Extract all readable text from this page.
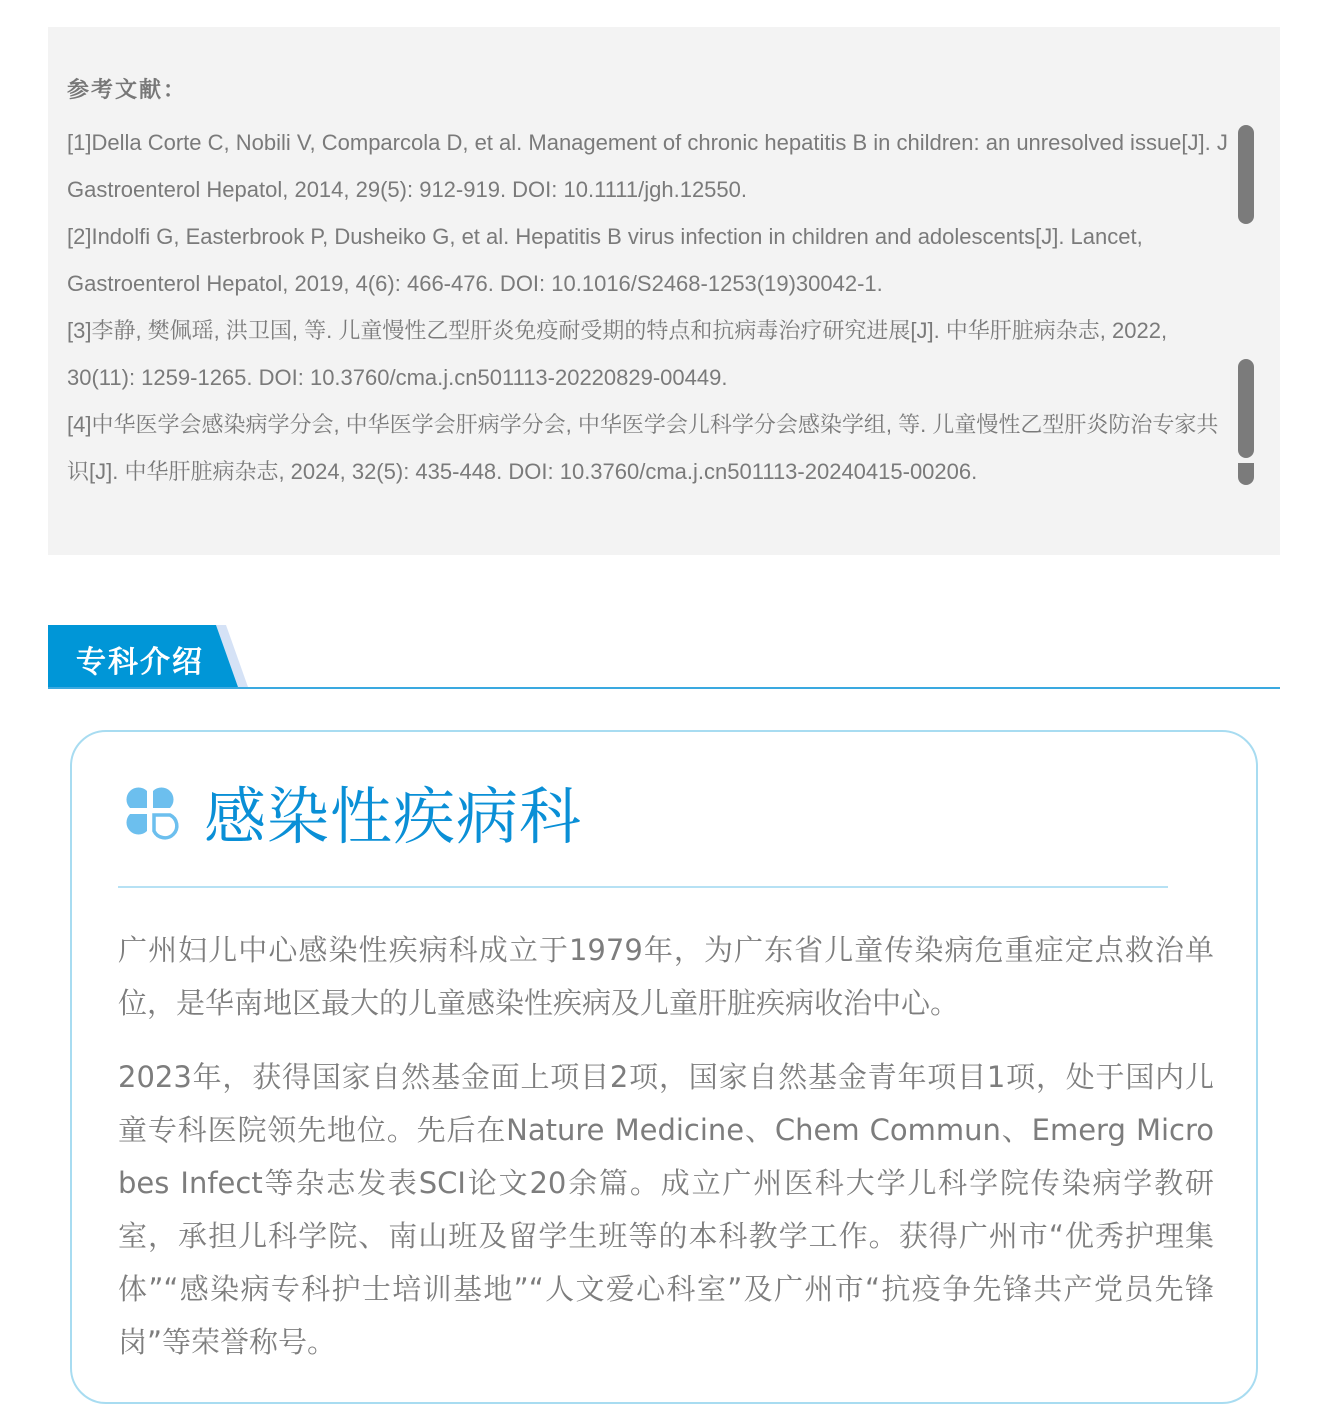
参考文献：
[1]Della Corte C, Nobili V, Comparcola D, et al. Management of chronic hepatitis B in children: an unresolved issue[J]. J Gastroenterol Hepatol, 2014, 29(5): 912-919. DOI: 10.1111/jgh.12550.
[2]Indolfi G, Easterbrook P, Dusheiko G, et al. Hepatitis B virus infection in children and adolescents[J]. Lancet, Gastroenterol Hepatol, 2019, 4(6): 466-476. DOI: 10.1016/S2468-1253(19)30042-1.
[3]李静, 樊佩瑶, 洪卫国, 等. 儿童慢性乙型肝炎免疫耐受期的特点和抗病毒治疗研究进展[J]. 中华肝脏病杂志, 2022, 30(11): 1259-1265. DOI: 10.3760/cma.j.cn501113-20220829-00449.
[4]中华医学会感染病学分会, 中华医学会肝病学分会, 中华医学会儿科学分会感染学组, 等. 儿童慢性乙型肝炎防治专家共识[J]. 中华肝脏病杂志, 2024, 32(5): 435-448. DOI: 10.3760/cma.j.cn501113-20240415-00206.
专科介绍
感染性疾病科

广州妇儿中心感染性疾病科成立于1979年，为广东省儿童传染病危重症定点救治单位，是华南地区最大的儿童感染性疾病及儿童肝脏疾病收治中心。

2023年，获得国家自然基金面上项目2项，国家自然基金青年项目1项，处于国内儿童专科医院领先地位。先后在Nature Medicine、Chem Commun、Emerg Microbes Infect等杂志发表SCI论文20余篇。成立广州医科大学儿科学院传染病学教研室，承担儿科学院、南山班及留学生班等的本科教学工作。获得广州市“优秀护理集体”“感染病专科护士培训基地”“人文爱心科室”及广州市“抗疫争先锋共产党员先锋岗”等荣誉称号。
